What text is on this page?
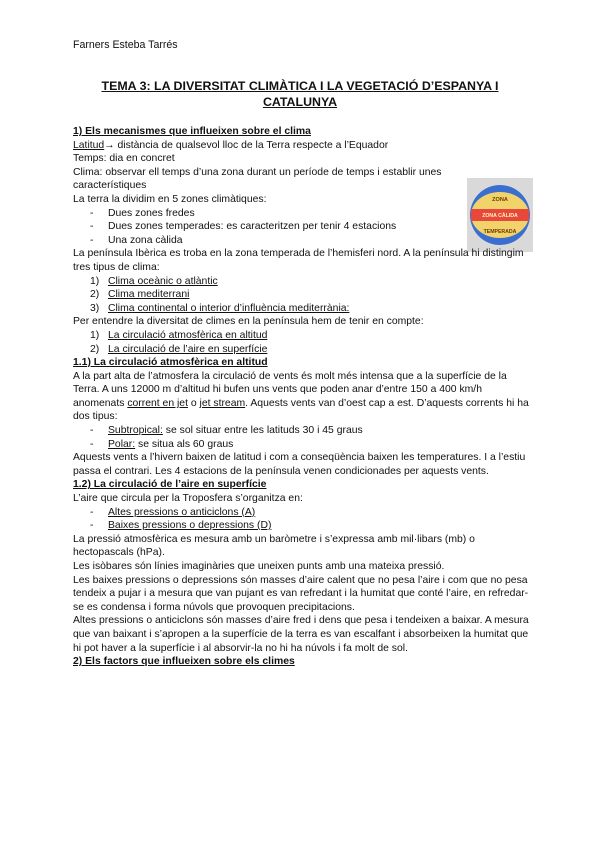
Farners Esteba Tarrés
TEMA 3: LA DIVERSITAT CLIMÀTICA I LA VEGETACIÓ D’ESPANYA I CATALUNYA
ZONA
ZONA CÀLIDA
TEMPERADA

1) Els mecanismes que influeixen sobre el clima

Latitud→ distància de qualsevol lloc de la Terra respecte a l’Equador

Temps: dia en concret

Clima: observar ell temps d’una zona durant un període de temps i establir unes característiques

La terra la dividim en 5 zones climàtiques:

- Dues zones fredes
- Dues zones temperades: es caracteritzen per tenir 4 estacions
- Una zona càlida

La península Ibèrica es troba en la zona temperada de l’hemisferi nord. A la península hi distingim tres tipus de clima:

1) Clima oceànic o atlàntic
2) Clima mediterrani
3) Clima continental o interior d’influència mediterrània:

Per entendre la diversitat de climes en la península hem de tenir en compte:

1) La circulació atmosfèrica en altitud
2) La circulació de l’aire en superfície

1.1) La circulació atmosfèrica en altitud

A la part alta de l’atmosfera la circulació de vents és molt més intensa que a la superfície de la Terra. A uns 12000 m d’altitud hi bufen uns vents que poden anar d’entre 150 a 400 km/h anomenats corrent en jet o jet stream. Aquests vents van d’oest cap a est. D’aquests corrents hi ha dos tipus:

- Subtropical: se sol situar entre les latituds 30 i 45 graus
- Polar: se situa als 60 graus

Aquests vents a l’hivern baixen de latitud i com a conseqüència baixen les temperatures. I a l’estiu passa el contrari. Les 4 estacions de la península venen condicionades per aquests vents.

1.2) La circulació de l’aire en superfície

L’aire que circula per la Troposfera s’organitza en:

- Altes pressions o anticiclons (A)
- Baixes pressions o depressions (D)

La pressió atmosfèrica es mesura amb un baròmetre i s’expressa amb mil·libars (mb) o hectopascals (hPa).

Les isòbares són línies imaginàries que uneixen punts amb una mateixa pressió.

Les baixes pressions o depressions són masses d’aire calent que no pesa l’aire i com que no pesa tendeix a pujar i a mesura que van pujant es van refredant i la humitat que conté l’aire, en refredar-se es condensa i forma núvols que provoquen precipitacions.

Altes pressions o anticiclons són masses d’aire fred i dens que pesa i tendeixen a baixar. A mesura que van baixant i s’apropen a la superfície de la terra es van escalfant i absorbeixen la humitat que hi pot haver a la superfície i al absorvir-la no hi ha núvols i fa molt de sol.

2) Els factors que influeixen sobre els climes
